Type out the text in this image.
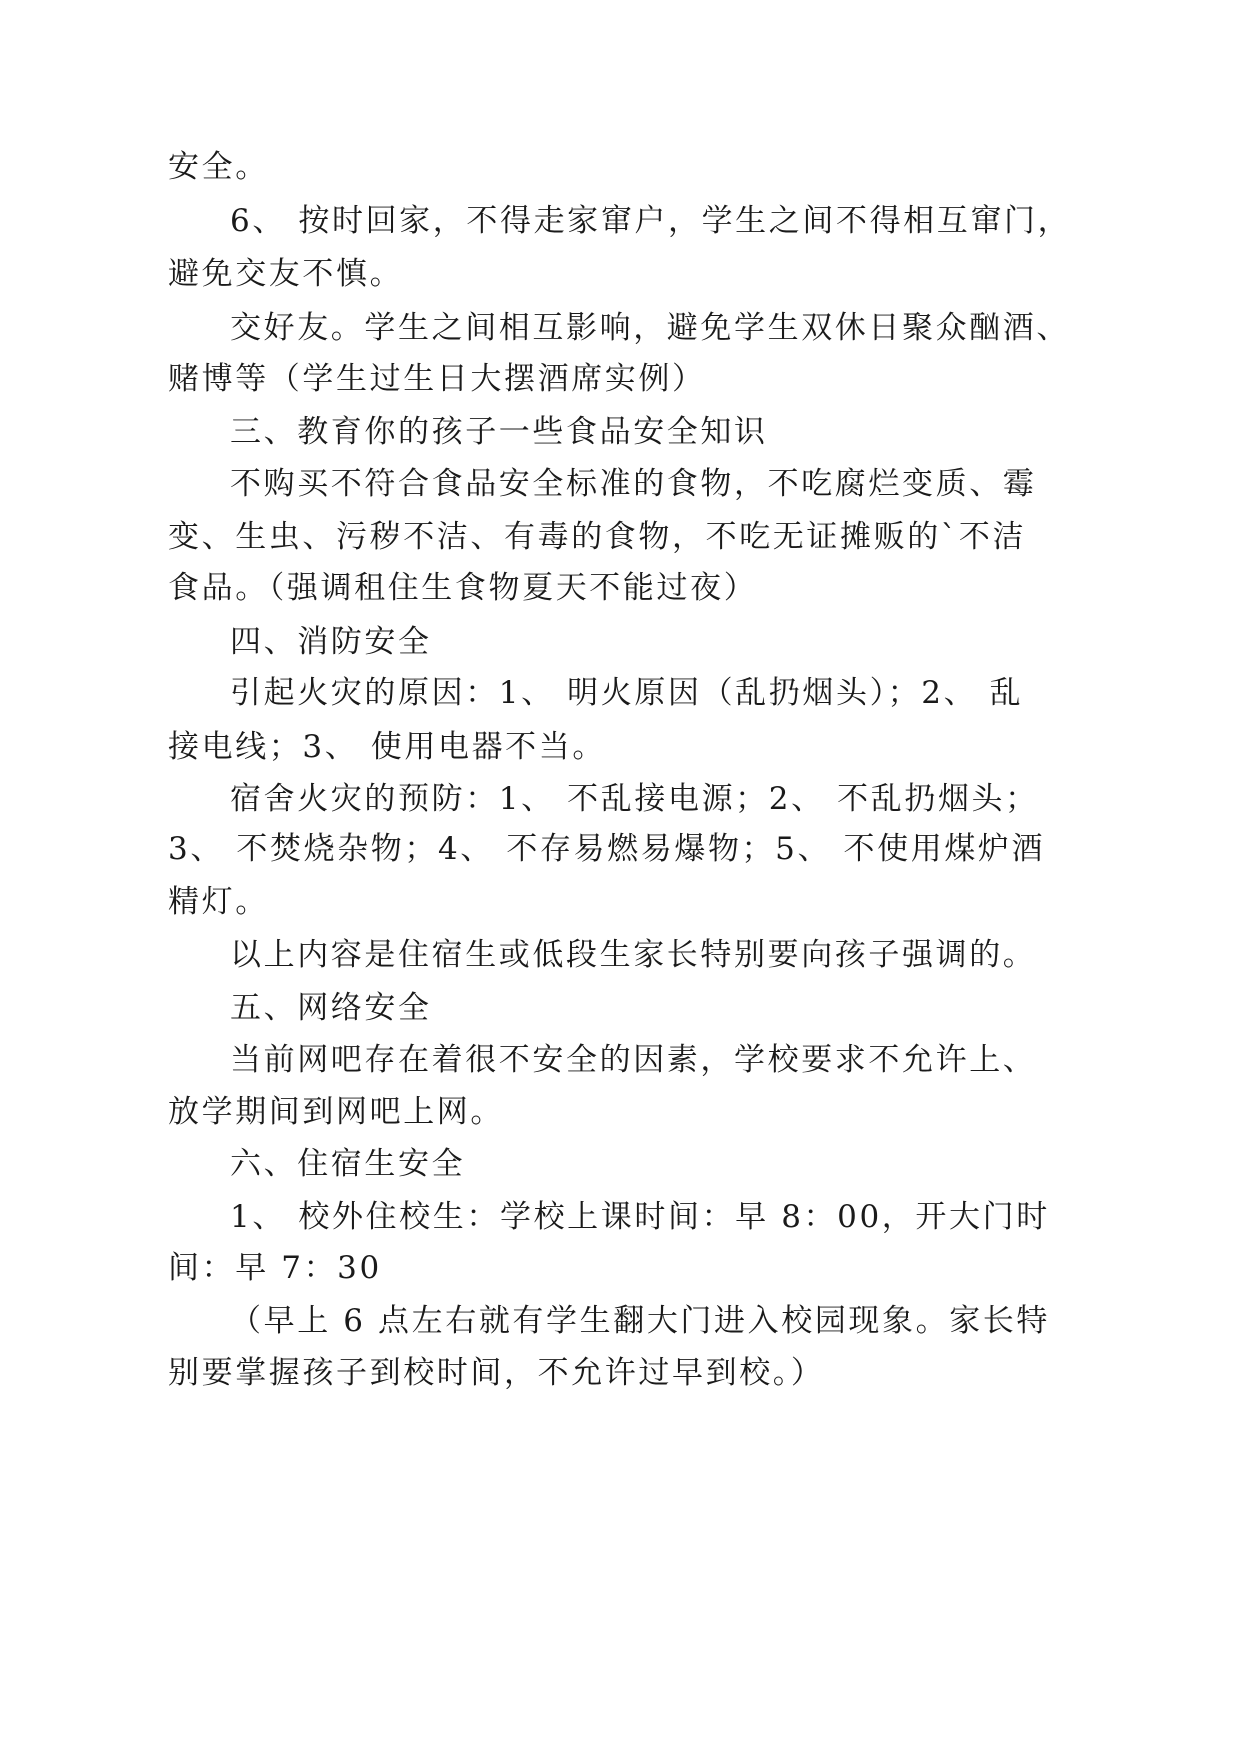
安全。
6、 按时回家，不得走家窜户，学生之间不得相互窜门，
避免交友不慎。
交好友。学生之间相互影响，避免学生双休日聚众酗酒、
赌博等（学生过生日大摆酒席实例）
三、教育你的孩子一些食品安全知识
不购买不符合食品安全标准的食物，不吃腐烂变质、霉
变、生虫、污秽不洁、有毒的食物，不吃无证摊贩的`不洁
食品。（强调租住生食物夏天不能过夜）
四、消防安全
引起火灾的原因：1、 明火原因（乱扔烟头）；2、 乱
接电线；3、 使用电器不当。
宿舍火灾的预防：1、 不乱接电源；2、 不乱扔烟头；
3、 不焚烧杂物；4、 不存易燃易爆物；5、 不使用煤炉酒
精灯。
以上内容是住宿生或低段生家长特别要向孩子强调的。
五、网络安全
当前网吧存在着很不安全的因素，学校要求不允许上、
放学期间到网吧上网。
六、住宿生安全
1、 校外住校生：学校上课时间：早 8：00，开大门时
间：早 7：30
（早上 6 点左右就有学生翻大门进入校园现象。家长特
别要掌握孩子到校时间，不允许过早到校。）
